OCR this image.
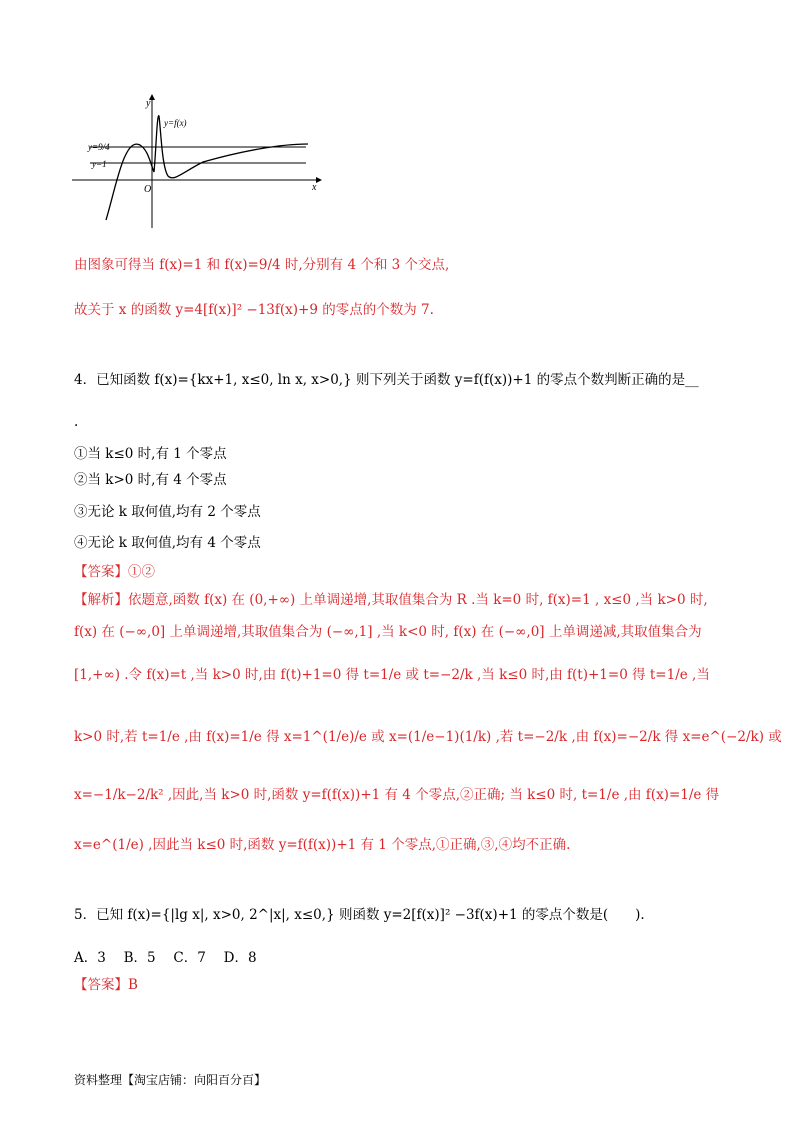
y
x
O
y=f(x)
y=9/4
y=1
由图象可得当 f(x)=1 和 f(x)=9/4 时,分别有 4 个和 3 个交点,
故关于 x 的函数 y=4[f(x)]² −13f(x)+9 的零点的个数为 7.
4．已知函数 f(x)={kx+1, x≤0, ln x, x>0,} 则下列关于函数 y=f(f(x))+1 的零点个数判断正确的是__
.
①当 k≤0 时,有 1 个零点
②当 k>0 时,有 4 个零点
③无论 k 取何值,均有 2 个零点
④无论 k 取何值,均有 4 个零点
【答案】①②
【解析】依题意,函数 f(x) 在 (0,+∞) 上单调递增,其取值集合为 R .当 k=0 时, f(x)=1 , x≤0 ,当 k>0 时,
f(x) 在 (−∞,0] 上单调递增,其取值集合为 (−∞,1] ,当 k<0 时, f(x) 在 (−∞,0] 上单调递减,其取值集合为
[1,+∞) .令 f(x)=t ,当 k>0 时,由 f(t)+1=0 得 t=1/e 或 t=−2/k ,当 k≤0 时,由 f(t)+1=0 得 t=1/e ,当
k>0 时,若 t=1/e ,由 f(x)=1/e 得 x=1^(1/e)/e 或 x=(1/e−1)(1/k) ,若 t=−2/k ,由 f(x)=−2/k 得 x=e^(−2/k) 或
x=−1/k−2/k² ,因此,当 k>0 时,函数 y=f(f(x))+1 有 4 个零点,②正确; 当 k≤0 时, t=1/e ,由 f(x)=1/e 得
x=e^(1/e) ,因此当 k≤0 时,函数 y=f(f(x))+1 有 1 个零点,①正确,③,④均不正确.
5．已知 f(x)={|lg x|, x>0, 2^|x|, x≤0,} 则函数 y=2[f(x)]² −3f(x)+1 的零点个数是(　　).
A．3　 B．5　 C．7　 D．8
【答案】B
资料整理【淘宝店铺：向阳百分百】
